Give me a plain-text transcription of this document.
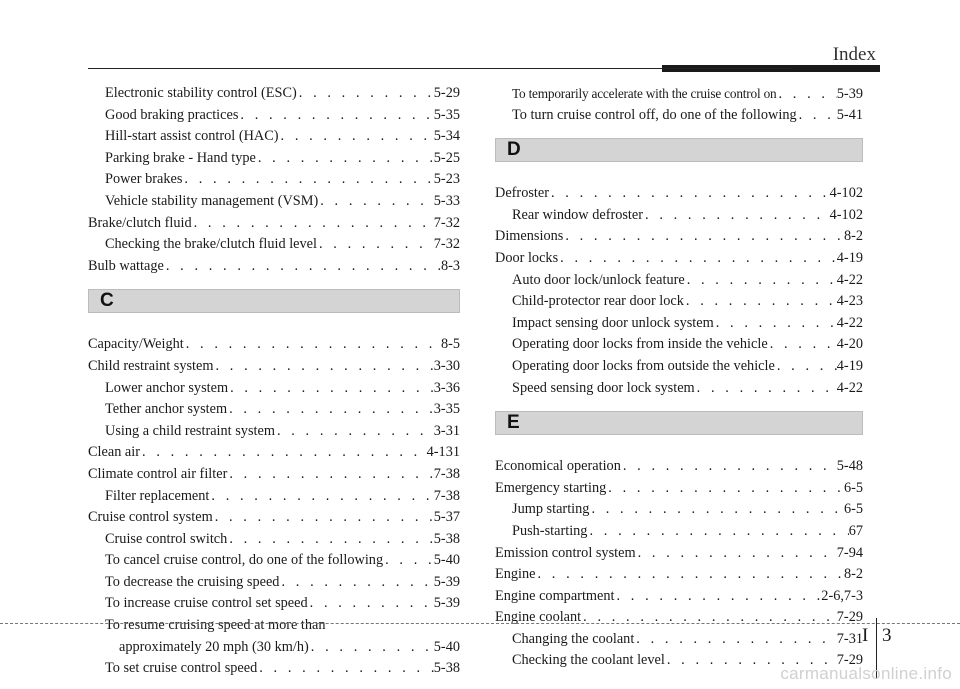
Index
Electronic stability control (ESC) . . .	5-29
Good braking practices . . .	5-35
Hill-start assist control (HAC) . . .	5-34
Parking brake - Hand type . . .	5-25
Power brakes . . .	5-23
Vehicle stability management (VSM) . . .	5-33
Brake/clutch fluid . . .	7-32
Checking the brake/clutch fluid level . . .	7-32
Bulb wattage . . .	8-3
C
Capacity/Weight . . .	8-5
Child restraint system . . .	3-30
Lower anchor system . . .	3-36
Tether anchor system . . .	3-35
Using a child restraint system . . .	3-31
Clean air . . .	4-131
Climate control air filter . . .	7-38
Filter replacement . . .	7-38
Cruise control system . . .	5-37
Cruise control switch . . .	5-38
To cancel cruise control, do one of the following . . .	5-40
To decrease the cruising speed . . .	5-39
To increase cruise control set speed . . .	5-39
To resume cruising speed at more than
approximately 20 mph (30 km/h) . . .	5-40
To set cruise control speed . . .	5-38
To temporarily accelerate with the cruise control on . . .	5-39
To turn cruise control off, do one of the following . . .	5-41
D
Defroster . . .	4-102
Rear window defroster . . .	4-102
Dimensions . . .	8-2
Door locks . . .	4-19
Auto door lock/unlock feature . . .	4-22
Child-protector rear door lock . . .	4-23
Impact sensing door unlock system . . .	4-22
Operating door locks from inside the vehicle . . .	4-20
Operating door locks from outside the vehicle . . .	4-19
Speed sensing door lock system . . .	4-22
E
Economical operation . . .	5-48
Emergency starting . . .	6-5
Jump starting . . .	6-5
Push-starting . . .	67
Emission control system . . .	7-94
Engine . . .	8-2
Engine compartment . . .	2-6,7-3
Engine coolant . . .	7-29
Changing the coolant . . .	7-31
Checking the coolant level . . .	7-29
I 3
carmanualsonline.info
